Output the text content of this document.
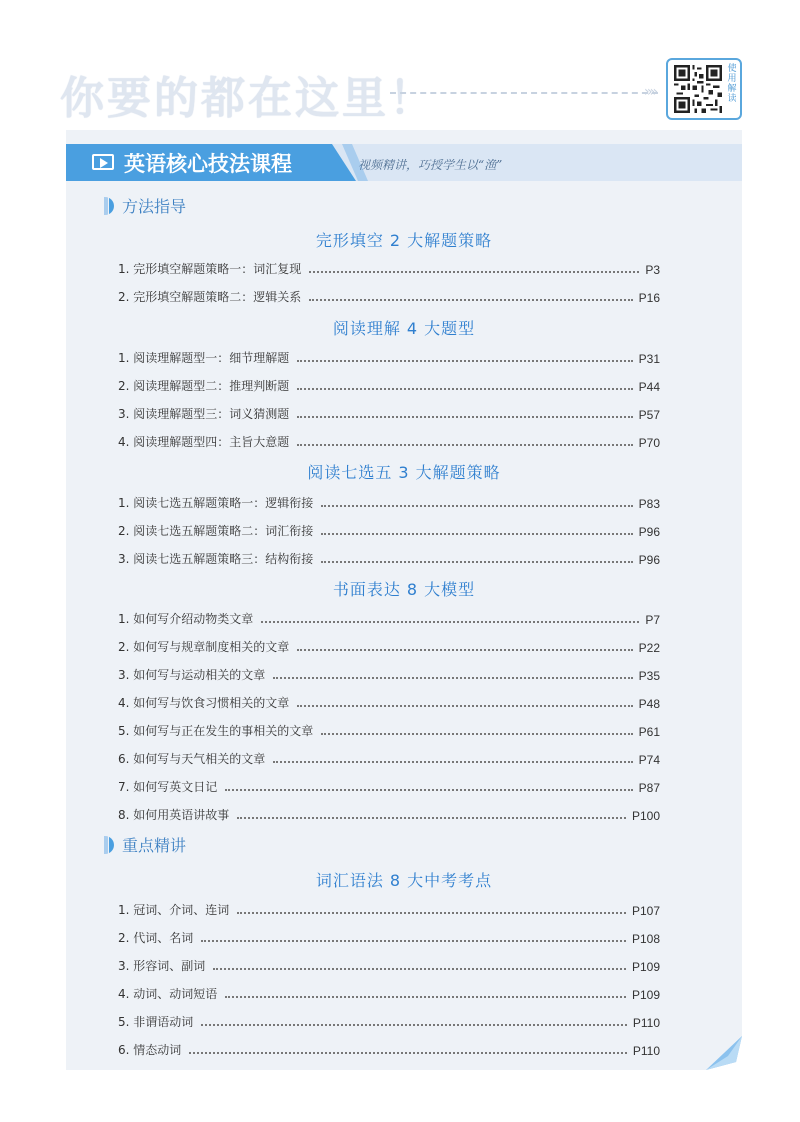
你要的都在这里！	»»
使用解读
英语核心技法课程	视频精讲，巧授学生以“渔”
方法指导
完形填空 2 大解题策略
1. 完形填空解题策略一：词汇复现	P3
2. 完形填空解题策略二：逻辑关系	P16
阅读理解 4 大题型
1. 阅读理解题型一：细节理解题	P31
2. 阅读理解题型二：推理判断题	P44
3. 阅读理解题型三：词义猜测题	P57
4. 阅读理解题型四：主旨大意题	P70
阅读七选五 3 大解题策略
1. 阅读七选五解题策略一：逻辑衔接	P83
2. 阅读七选五解题策略二：词汇衔接	P96
3. 阅读七选五解题策略三：结构衔接	P96
书面表达 8 大模型
1. 如何写介绍动物类文章	P7
2. 如何写与规章制度相关的文章	P22
3. 如何写与运动相关的文章	P35
4. 如何写与饮食习惯相关的文章	P48
5. 如何写与正在发生的事相关的文章	P61
6. 如何写与天气相关的文章	P74
7. 如何写英文日记	P87
8. 如何用英语讲故事	P100
重点精讲
词汇语法 8 大中考考点
1. 冠词、介词、连词	P107
2. 代词、名词	P108
3. 形容词、副词	P109
4. 动词、动词短语	P109
5. 非谓语动词	P110
6. 情态动词	P110
